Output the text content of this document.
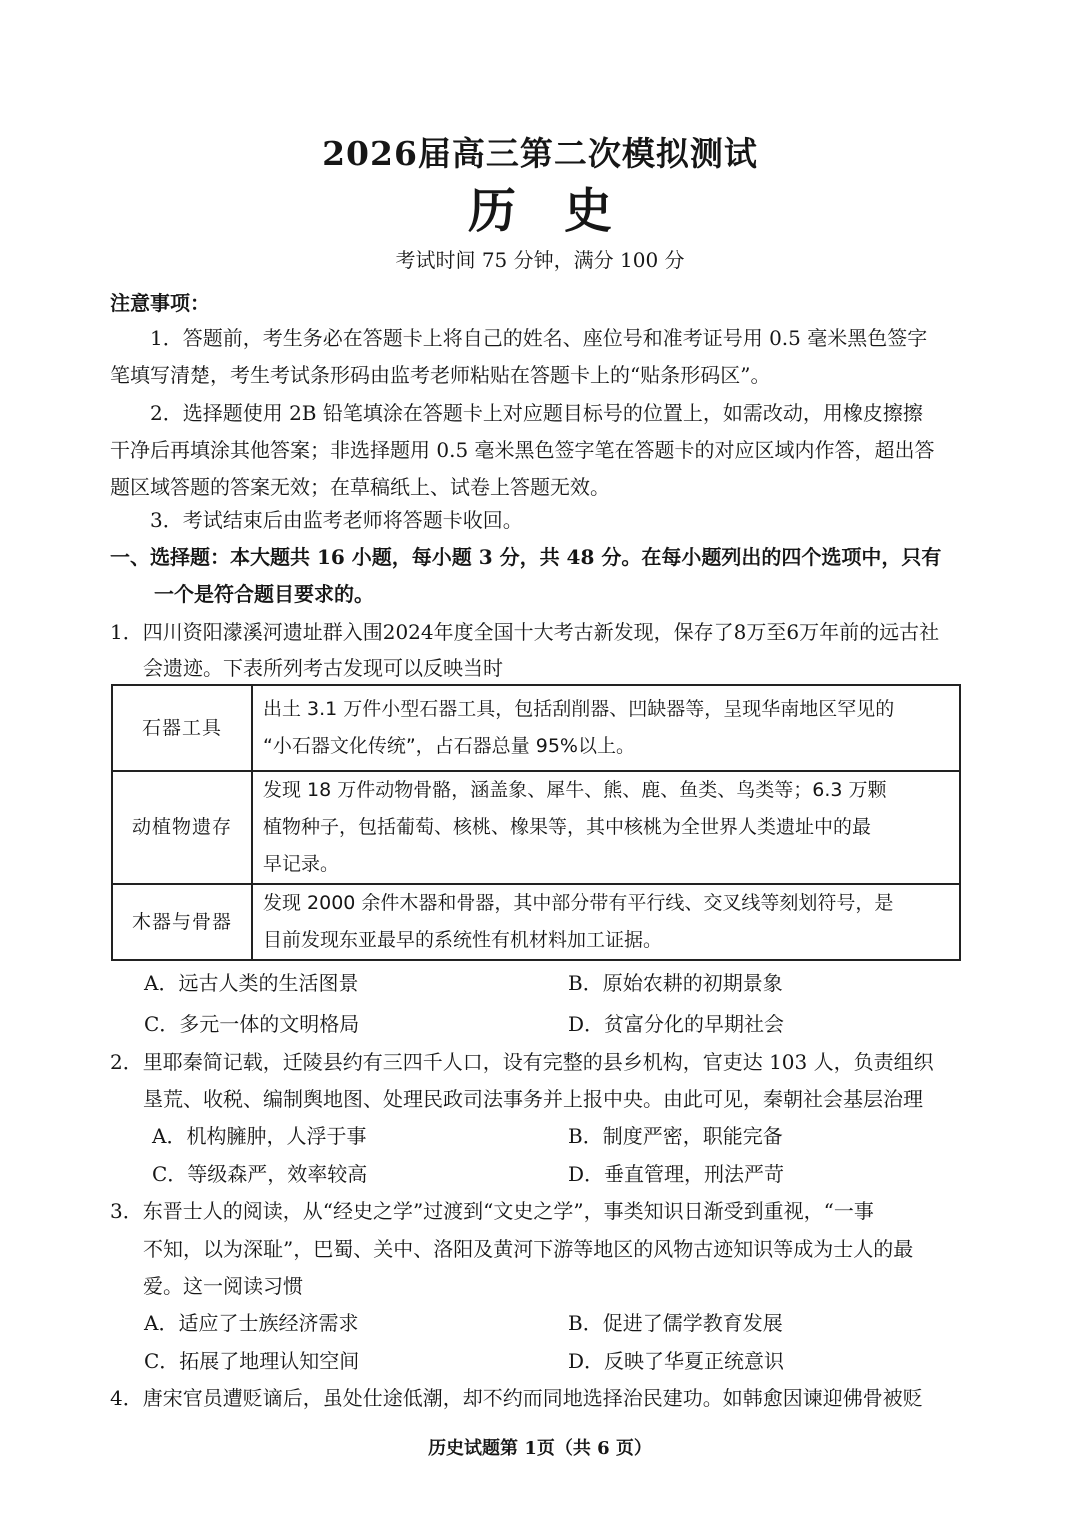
2026届高三第二次模拟测试
历史
考试时间 75 分钟，满分 100 分
注意事项：
1．答题前，考生务必在答题卡上将自己的姓名、座位号和准考证号用 0.5 毫米黑色签字
笔填写清楚，考生考试条形码由监考老师粘贴在答题卡上的“贴条形码区”。
2．选择题使用 2B 铅笔填涂在答题卡上对应题目标号的位置上，如需改动，用橡皮擦擦
干净后再填涂其他答案；非选择题用 0.5 毫米黑色签字笔在答题卡的对应区域内作答，超出答
题区域答题的答案无效；在草稿纸上、试卷上答题无效。
3．考试结束后由监考老师将答题卡收回。
一、选择题：本大题共 16 小题，每小题 3 分，共 48 分。在每小题列出的四个选项中，只有
一个是符合题目要求的。
1．四川资阳濛溪河遗址群入围2024年度全国十大考古新发现，保存了8万至6万年前的远古社
会遗迹。下表所列考古发现可以反映当时
石器工具	出土 3.1 万件小型石器工具，包括刮削器、凹缺器等，呈现华南地区罕见的
“小石器文化传统”，占石器总量 95%以上。

动植物遗存	发现 18 万件动物骨骼，涵盖象、犀牛、熊、鹿、鱼类、鸟类等；6.3 万颗
植物种子，包括葡萄、核桃、橡果等，其中核桃为全世界人类遗址中的最
早记录。

木器与骨器	发现 2000 余件木器和骨器，其中部分带有平行线、交叉线等刻划符号，是
目前发现东亚最早的系统性有机材料加工证据。
A．远古人类的生活图景	B．原始农耕的初期景象
C．多元一体的文明格局	D．贫富分化的早期社会
2．里耶秦简记载，迁陵县约有三四千人口，设有完整的县乡机构，官吏达 103 人，负责组织
垦荒、收税、编制舆地图、处理民政司法事务并上报中央。由此可见，秦朝社会基层治理
A．机构臃肿，人浮于事	B．制度严密，职能完备
C．等级森严，效率较高	D．垂直管理，刑法严苛
3．东晋士人的阅读，从“经史之学”过渡到“文史之学”，事类知识日渐受到重视，“一事
不知，以为深耻”，巴蜀、关中、洛阳及黄河下游等地区的风物古迹知识等成为士人的最
爱。这一阅读习惯
A．适应了士族经济需求	B．促进了儒学教育发展
C．拓展了地理认知空间	D．反映了华夏正统意识
4．唐宋官员遭贬谪后，虽处仕途低潮，却不约而同地选择治民建功。如韩愈因谏迎佛骨被贬
历史试题第 1页（共 6 页）
